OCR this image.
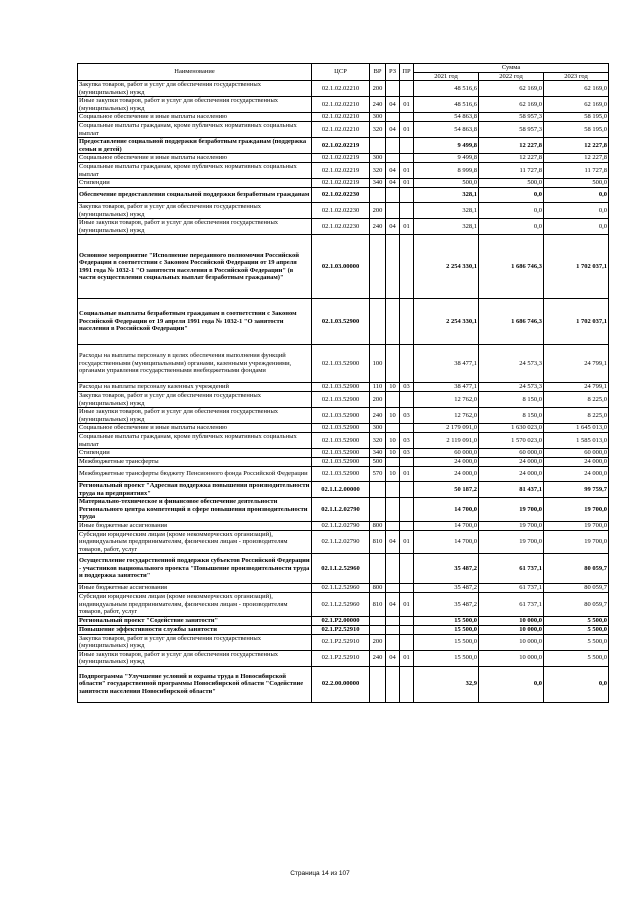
Наименование	ЦСР	ВР	РЗ	ПР	Сумма		
					2021 год	2022 год	2023 год
Закупка товаров, работ и услуг для обеспечения государственных (муниципальных) нужд	02.1.02.02210	200			48 516,6	62 169,0	62 169,0
Иные закупки товаров, работ и услуг для обеспечения государственных (муниципальных) нужд	02.1.02.02210	240	04	01	48 516,6	62 169,0	62 169,0
Социальное обеспечение и иные выплаты населению	02.1.02.02210	300			54 863,8	58 957,3	58 195,0
Социальные выплаты гражданам, кроме публичных нормативных социальных выплат	02.1.02.02210	320	04	01	54 863,8	58 957,3	58 195,0
Предоставление социальной поддержки безработным гражданам (поддержка семьи и детей)	02.1.02.02219				9 499,8	12 227,8	12 227,8
Социальное обеспечение и иные выплаты населению	02.1.02.02219	300			9 499,8	12 227,8	12 227,8
Социальные выплаты гражданам, кроме публичных нормативных социальных выплат	02.1.02.02219	320	04	01	8 999,8	11 727,8	11 727,8
Стипендии	02.1.02.02219	340	04	01	500,0	500,0	500,0
Обеспечение предоставления социальной поддержки безработным гражданам	02.1.02.02230				328,1	0,0	0,0
Закупка товаров, работ и услуг для обеспечения государственных (муниципальных) нужд	02.1.02.02230	200			328,1	0,0	0,0
Иные закупки товаров, работ и услуг для обеспечения государственных (муниципальных) нужд	02.1.02.02230	240	04	01	328,1	0,0	0,0
Основное мероприятие "Исполнение переданного полномочия Российской Федерации в соответствии с Законом Российской Федерации от 19 апреля 1991 года № 1032-1 "О занятости населения в Российской Федерации" (в части осуществления социальных выплат безработным гражданам)"	02.1.03.00000				2 254 330,1	1 686 746,3	1 702 037,1
Социальные выплаты безработным гражданам в соответствии с Законом Российской Федерации от 19 апреля 1991 года № 1032-1 "О занятости населения в Российской Федерации"	02.1.03.52900				2 254 330,1	1 686 746,3	1 702 037,1
Расходы на выплаты персоналу в целях обеспечения выполнения функций государственными (муниципальными) органами, казенными учреждениями, органами управления государственными внебюджетными фондами	02.1.03.52900	100			38 477,1	24 573,3	24 799,1
Расходы на выплаты персоналу казенных учреждений	02.1.03.52900	110	10	03	38 477,1	24 573,3	24 799,1
Закупка товаров, работ и услуг для обеспечения государственных (муниципальных) нужд	02.1.03.52900	200			12 762,0	8 150,0	8 225,0
Иные закупки товаров, работ и услуг для обеспечения государственных (муниципальных) нужд	02.1.03.52900	240	10	03	12 762,0	8 150,0	8 225,0
Социальное обеспечение и иные выплаты населению	02.1.03.52900	300			2 179 091,0	1 630 023,0	1 645 013,0
Социальные выплаты гражданам, кроме публичных нормативных социальных выплат	02.1.03.52900	320	10	03	2 119 091,0	1 570 023,0	1 585 013,0
Стипендии	02.1.03.52900	340	10	03	60 000,0	60 000,0	60 000,0
Межбюджетные трансферты	02.1.03.52900	500			24 000,0	24 000,0	24 000,0
Межбюджетные трансферты бюджету Пенсионного фонда Российской Федерации	02.1.03.52900	570	10	01	24 000,0	24 000,0	24 000,0
Региональный проект "Адресная поддержка повышения производительности труда на предприятиях"	02.1.L2.00000				50 187,2	81 437,1	99 759,7
Материально-техническое и финансовое обеспечение деятельности Регионального центра компетенций в сфере повышения производительности труда	02.1.L2.02790				14 700,0	19 700,0	19 700,0
Иные бюджетные ассигнования	02.1.L2.02790	800			14 700,0	19 700,0	19 700,0
Субсидии юридическим лицам (кроме некоммерческих организаций), индивидуальным предпринимателям, физическим лицам - производителям товаров, работ, услуг	02.1.L2.02790	810	04	01	14 700,0	19 700,0	19 700,0
Осуществление государственной поддержки субъектов Российской Федерации - участников национального проекта "Повышение производительности труда и поддержка занятости"	02.1.L2.52960				35 487,2	61 737,1	80 059,7
Иные бюджетные ассигнования	02.1.L2.52960	800			35 487,2	61 737,1	80 059,7
Субсидии юридическим лицам (кроме некоммерческих организаций), индивидуальным предпринимателям, физическим лицам - производителям товаров, работ, услуг	02.1.L2.52960	810	04	01	35 487,2	61 737,1	80 059,7
Региональный проект "Содействие занятости"	02.1.P2.00000				15 500,0	10 000,0	5 500,0
Повышение эффективности службы занятости	02.1.P2.52910				15 500,0	10 000,0	5 500,0
Закупка товаров, работ и услуг для обеспечения государственных (муниципальных) нужд	02.1.P2.52910	200			15 500,0	10 000,0	5 500,0
Иные закупки товаров, работ и услуг для обеспечения государственных (муниципальных) нужд	02.1.P2.52910	240	04	01	15 500,0	10 000,0	5 500,0
Подпрограмма "Улучшение условий и охраны труда в Новосибирской области" государственной программы Новосибирской области "Содействие занятости населения Новосибирской области"	02.2.00.00000				32,9	0,0	0,0
Страница 14 из 107
